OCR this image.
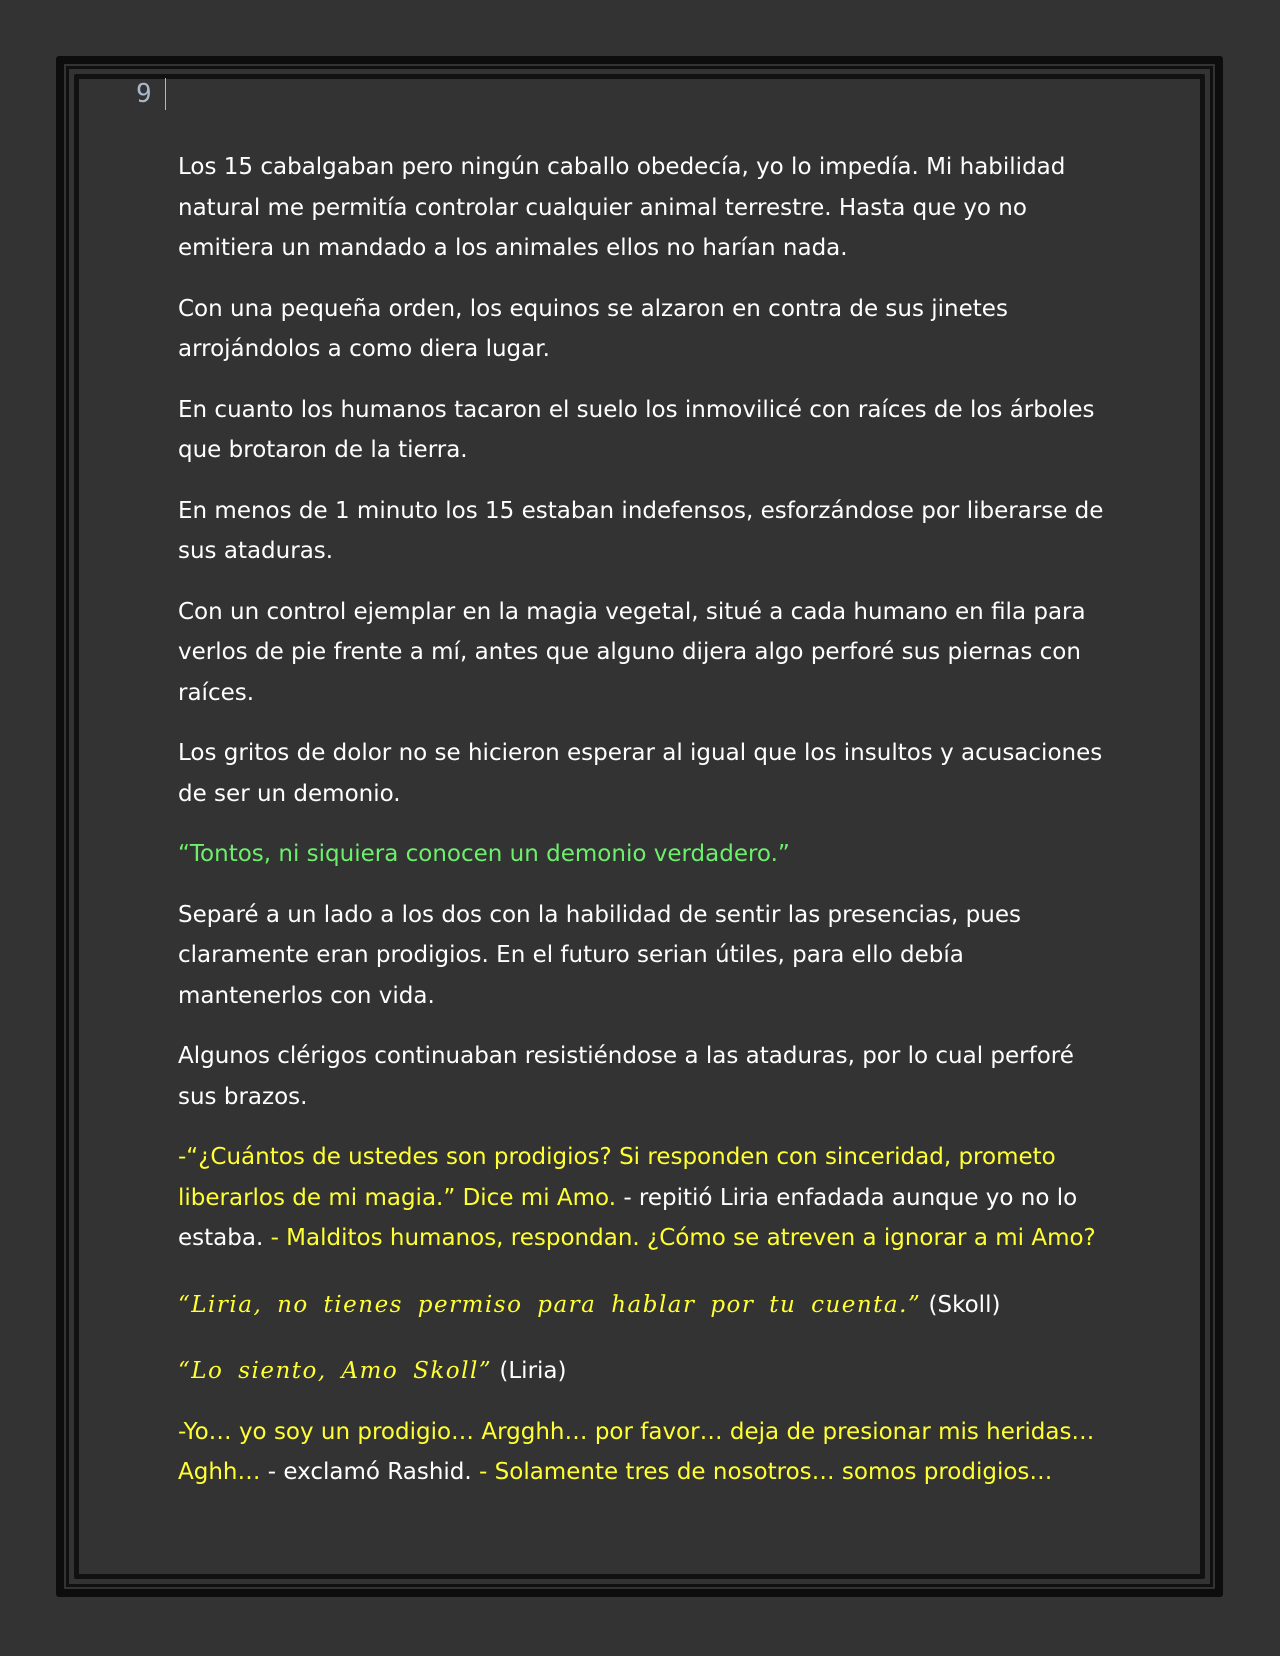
9

Los 15 cabalgaban pero ningún caballo obedecía, yo lo impedía. Mi habilidad natural me permitía controlar cualquier animal terrestre. Hasta que yo no emitiera un mandado a los animales ellos no harían nada.

Con una pequeña orden, los equinos se alzaron en contra de sus jinetes arrojándolos a como diera lugar.

En cuanto los humanos tacaron el suelo los inmovilicé con raíces de los árboles que brotaron de la tierra.

En menos de 1 minuto los 15 estaban indefensos, esforzándose por liberarse de sus ataduras.

Con un control ejemplar en la magia vegetal, situé a cada humano en fila para verlos de pie frente a mí, antes que alguno dijera algo perforé sus piernas con raíces.

Los gritos de dolor no se hicieron esperar al igual que los insultos y acusaciones de ser un demonio.

“Tontos, ni siquiera conocen un demonio verdadero.”

Separé a un lado a los dos con la habilidad de sentir las presencias, pues claramente eran prodigios. En el futuro serian útiles, para ello debía mantenerlos con vida.

Algunos clérigos continuaban resistiéndose a las ataduras, por lo cual perforé sus brazos.

-“¿Cuántos de ustedes son prodigios? Si responden con sinceridad, prometo liberarlos de mi magia.” Dice mi Amo. - repitió Liria enfadada aunque yo no lo estaba. - Malditos humanos, respondan. ¿Cómo se atreven a ignorar a mi Amo?

“Liria, no tienes permiso para hablar por tu cuenta.” (Skoll)

“Lo siento, Amo Skoll” (Liria)

-Yo… yo soy un prodigio… Argghh… por favor… deja de presionar mis heridas… Aghh… - exclamó Rashid. - Solamente tres de nosotros… somos prodigios…
